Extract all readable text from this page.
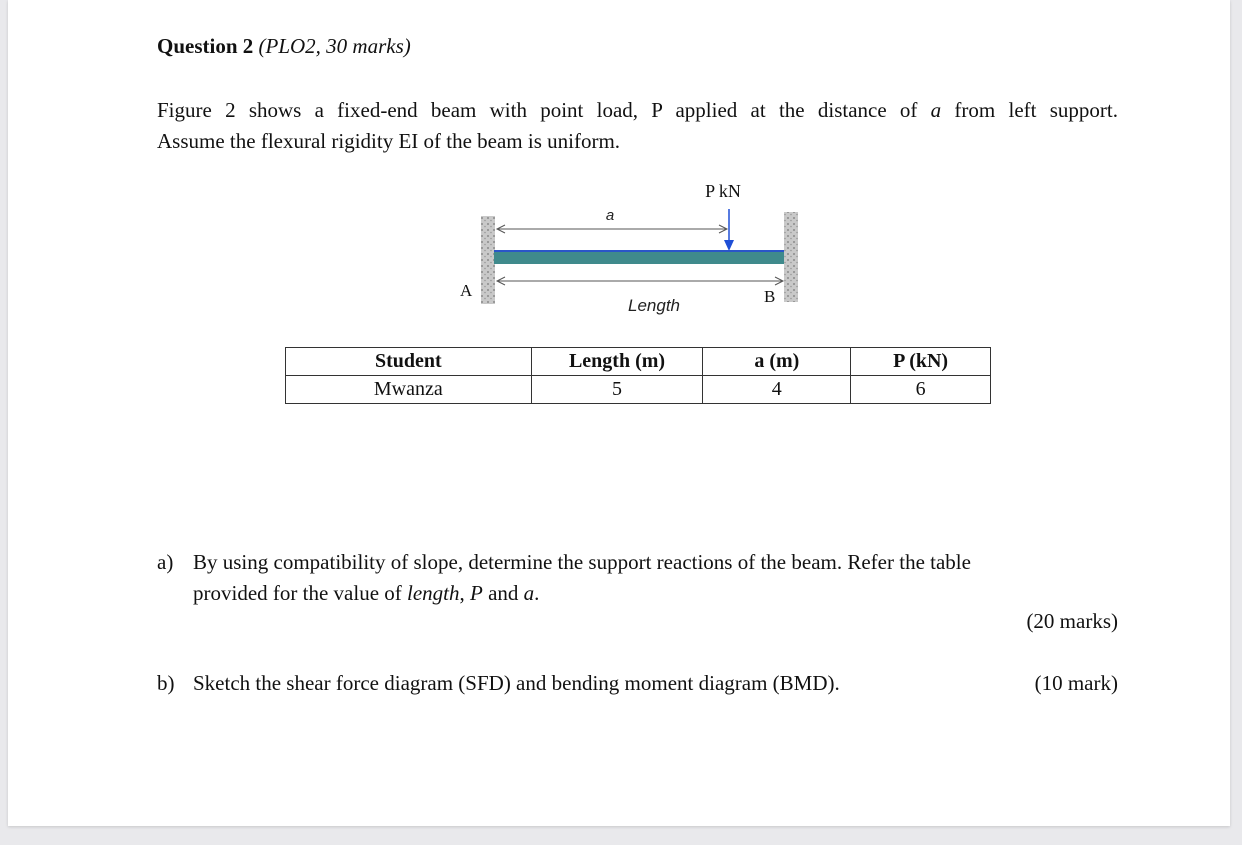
Question 2 (PLO2, 30 marks)
Figure 2 shows a fixed-end beam with point load, P applied at the distance of a from left support.
Assume the flexural rigidity EI of the beam is uniform.
P kN
a
Length
A	B
Student	Length (m)	a (m)	P (kN)
Mwanza	5	4	6
a) By using compatibility of slope, determine the support reactions of the beam. Refer the table
provided for the value of length, P and a.
(20 marks)
b) Sketch the shear force diagram (SFD) and bending moment diagram (BMD).	(10 mark)
